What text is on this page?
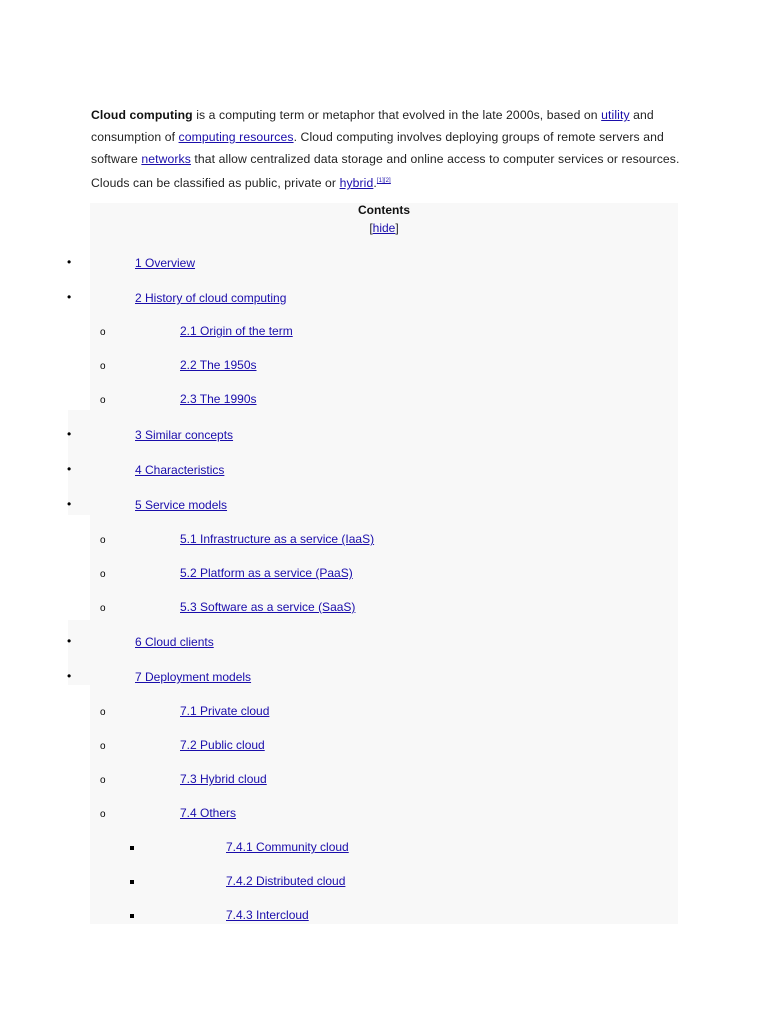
Cloud computing is a computing term or metaphor that evolved in the late 2000s, based on utility and consumption of computing resources. Cloud computing involves deploying groups of remote servers and software networks that allow centralized data storage and online access to computer services or resources. Clouds can be classified as public, private or hybrid.[1][2]
Contents
[hide]
•
1 Overview
•
2 History of cloud computing
o
2.1 Origin of the term
o
2.2 The 1950s
o
2.3 The 1990s
•
3 Similar concepts
•
4 Characteristics
•
5 Service models
o
5.1 Infrastructure as a service (IaaS)
o
5.2 Platform as a service (PaaS)
o
5.3 Software as a service (SaaS)
•
6 Cloud clients
•
7 Deployment models
o
7.1 Private cloud
o
7.2 Public cloud
o
7.3 Hybrid cloud
o
7.4 Others
7.4.1 Community cloud
7.4.2 Distributed cloud
7.4.3 Intercloud
